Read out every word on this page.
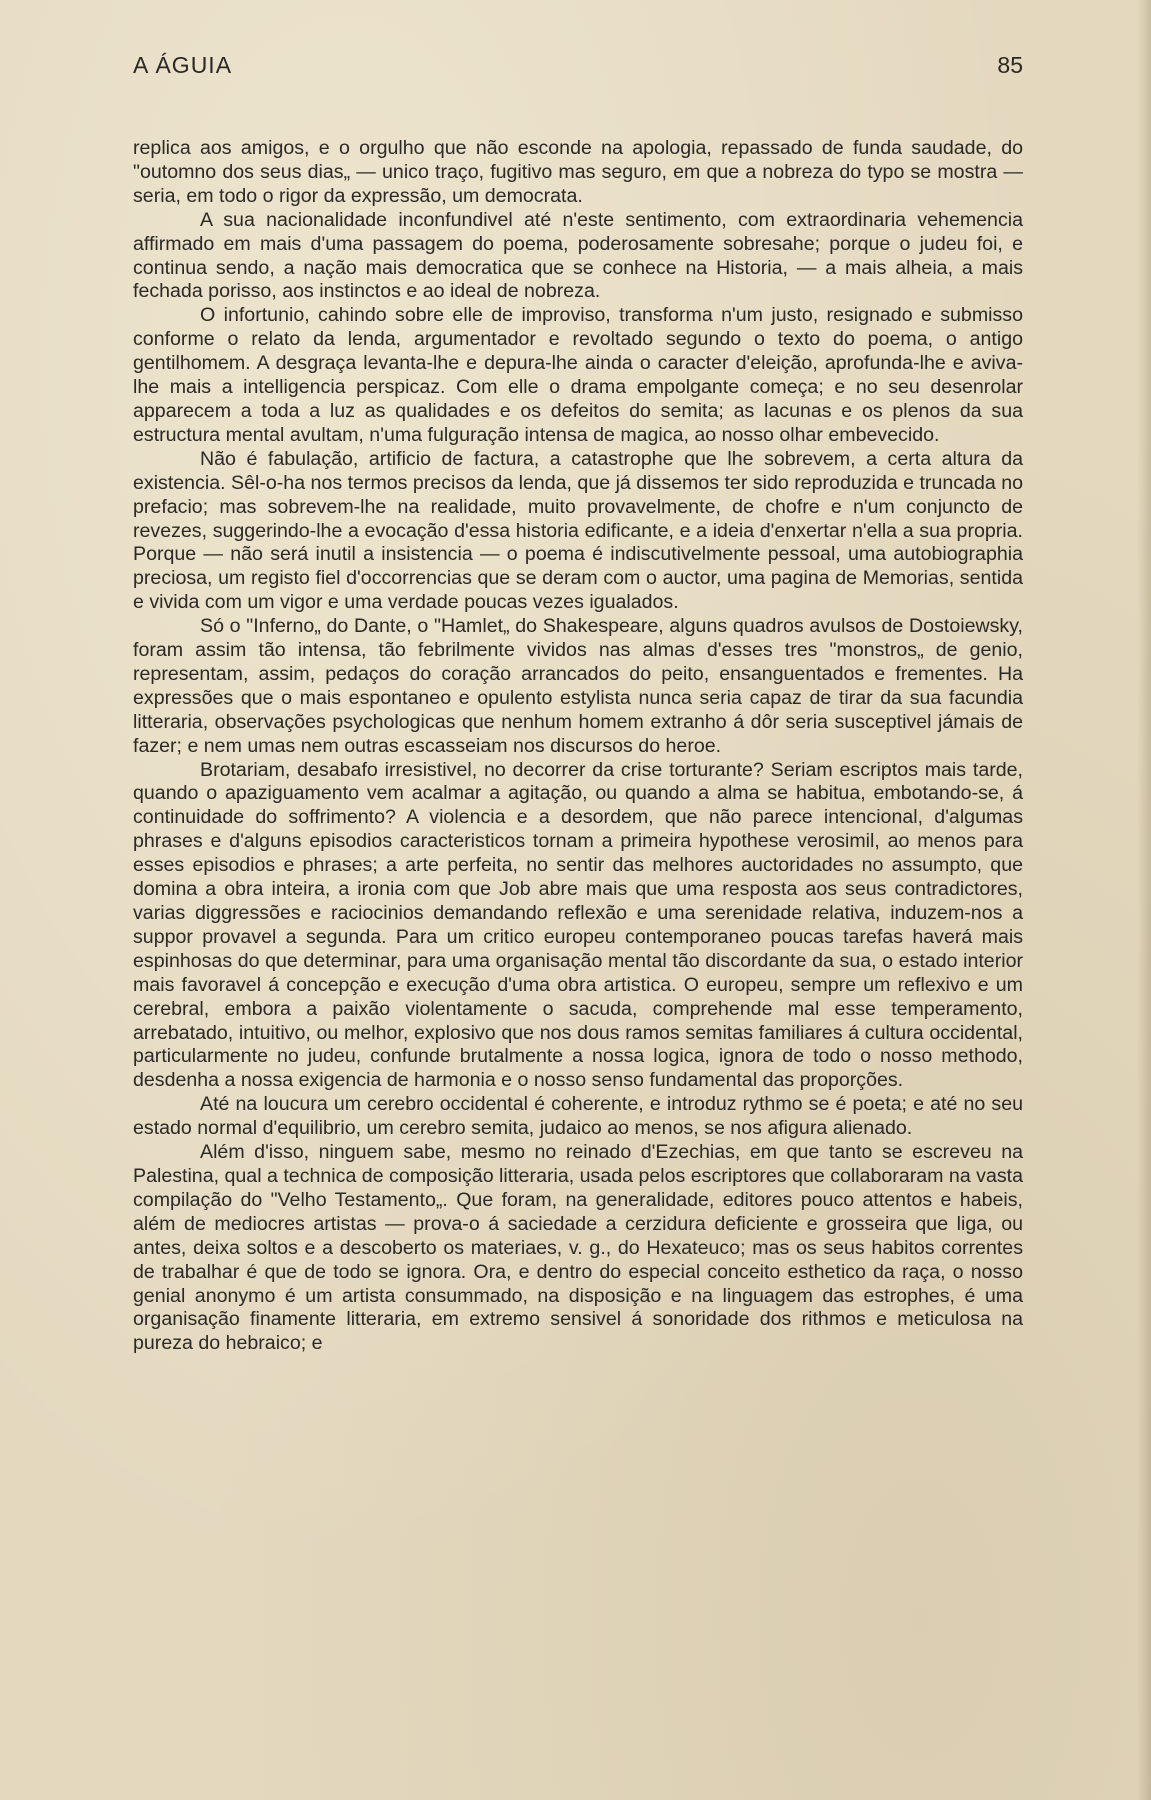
A ÁGUIA	85

replica aos amigos, e o orgulho que não esconde na apologia, repassado de funda saudade, do "outomno dos seus dias„ — unico traço, fugitivo mas seguro, em que a nobreza do typo se mostra — seria, em todo o rigor da expressão, um democrata.

A sua nacionalidade inconfundivel até n'este sentimento, com extraordinaria vehemencia affirmado em mais d'uma passagem do poema, poderosamente sobresahe; porque o judeu foi, e continua sendo, a nação mais democratica que se conhece na Historia, — a mais alheia, a mais fechada porisso, aos instinctos e ao ideal de nobreza.

O infortunio, cahindo sobre elle de improviso, transforma n'um justo, resignado e submisso conforme o relato da lenda, argumentador e revoltado segundo o texto do poema, o antigo gentilhomem. A desgraça levanta-lhe e depura-lhe ainda o caracter d'eleição, aprofunda-lhe e aviva-lhe mais a intelligencia perspicaz. Com elle o drama empolgante começa; e no seu desenrolar apparecem a toda a luz as qualidades e os defeitos do semita; as lacunas e os plenos da sua estructura mental avultam, n'uma fulguração intensa de magica, ao nosso olhar embevecido.

Não é fabulação, artificio de factura, a catastrophe que lhe sobrevem, a certa altura da existencia. Sêl-o-ha nos termos precisos da lenda, que já dissemos ter sido reproduzida e truncada no prefacio; mas sobrevem-lhe na realidade, muito provavelmente, de chofre e n'um conjuncto de revezes, suggerindo-lhe a evocação d'essa historia edificante, e a ideia d'enxertar n'ella a sua propria. Porque — não será inutil a insistencia — o poema é indiscutivelmente pessoal, uma autobiographia preciosa, um registo fiel d'occorrencias que se deram com o auctor, uma pagina de Memorias, sentida e vivida com um vigor e uma verdade poucas vezes igualados.

Só o "Inferno„ do Dante, o "Hamlet„ do Shakespeare, alguns quadros avulsos de Dostoiewsky, foram assim tão intensa, tão febrilmente vividos nas almas d'esses tres "monstros„ de genio, representam, assim, pedaços do coração arrancados do peito, ensanguentados e frementes. Ha expressões que o mais espontaneo e opulento estylista nunca seria capaz de tirar da sua facundia litteraria, observações psychologicas que nenhum homem extranho á dôr seria susceptivel jámais de fazer; e nem umas nem outras escasseiam nos discursos do heroe.

Brotariam, desabafo irresistivel, no decorrer da crise torturante? Seriam escriptos mais tarde, quando o apaziguamento vem acalmar a agitação, ou quando a alma se habitua, embotando-se, á continuidade do soffrimento? A violencia e a desordem, que não parece intencional, d'algumas phrases e d'alguns episodios caracteristicos tornam a primeira hypothese verosimil, ao menos para esses episodios e phrases; a arte perfeita, no sentir das melhores auctoridades no assumpto, que domina a obra inteira, a ironia com que Job abre mais que uma resposta aos seus contradictores, varias diggressões e raciocinios demandando reflexão e uma serenidade relativa, induzem-nos a suppor provavel a segunda. Para um critico europeu contemporaneo poucas tarefas haverá mais espinhosas do que determinar, para uma organisação mental tão discordante da sua, o estado interior mais favoravel á concepção e execução d'uma obra artistica. O europeu, sempre um reflexivo e um cerebral, embora a paixão violentamente o sacuda, comprehende mal esse temperamento, arrebatado, intuitivo, ou melhor, explosivo que nos dous ramos semitas familiares á cultura occidental, particularmente no judeu, confunde brutalmente a nossa logica, ignora de todo o nosso methodo, desdenha a nossa exigencia de harmonia e o nosso senso fundamental das proporções.

Até na loucura um cerebro occidental é coherente, e introduz rythmo se é poeta; e até no seu estado normal d'equilibrio, um cerebro semita, judaico ao menos, se nos afigura alienado.

Além d'isso, ninguem sabe, mesmo no reinado d'Ezechias, em que tanto se escreveu na Palestina, qual a technica de composição litteraria, usada pelos escriptores que collaboraram na vasta compilação do "Velho Testamento„. Que foram, na generalidade, editores pouco attentos e habeis, além de mediocres artistas — prova-o á saciedade a cerzidura deficiente e grosseira que liga, ou antes, deixa soltos e a descoberto os materiaes, v. g., do Hexateuco; mas os seus habitos correntes de trabalhar é que de todo se ignora. Ora, e dentro do especial conceito esthetico da raça, o nosso genial anonymo é um artista consummado, na disposição e na linguagem das estrophes, é uma organisação finamente litteraria, em extremo sensivel á sonoridade dos rithmos e meticulosa na pureza do hebraico; e
